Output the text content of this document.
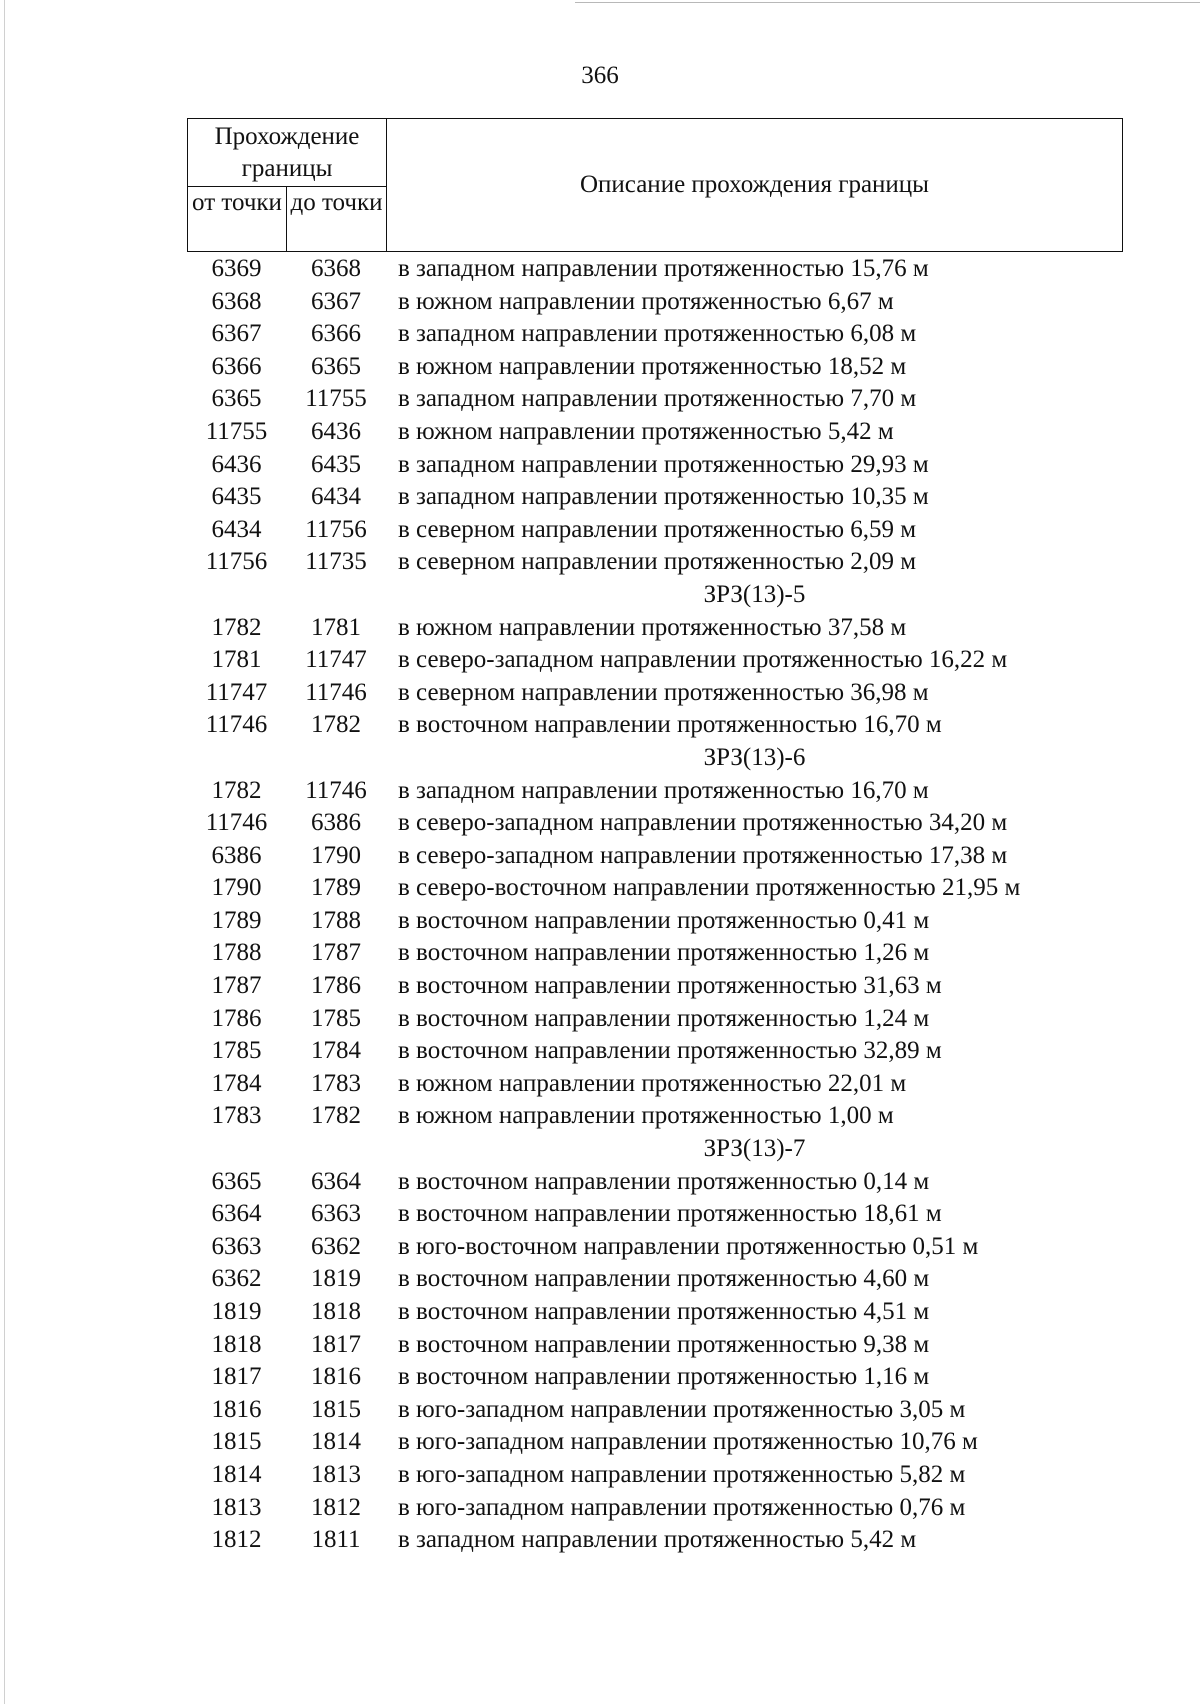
366
Прохождение границы
от точки до точки
Описание прохождения границы
6369	6368	в западном направлении протяженностью 15,76 м
6368	6367	в южном направлении протяженностью 6,67 м
6367	6366	в западном направлении протяженностью 6,08 м
6366	6365	в южном направлении протяженностью 18,52 м
6365	11755	в западном направлении протяженностью 7,70 м
11755	6436	в южном направлении протяженностью 5,42 м
6436	6435	в западном направлении протяженностью 29,93 м
6435	6434	в западном направлении протяженностью 10,35 м
6434	11756	в северном направлении протяженностью 6,59 м
11756	11735	в северном направлении протяженностью 2,09 м
ЗРЗ(13)-5
1782	1781	в южном направлении протяженностью 37,58 м
1781	11747	в северо-западном направлении протяженностью 16,22 м
11747	11746	в северном направлении протяженностью 36,98 м
11746	1782	в восточном направлении протяженностью 16,70 м
ЗРЗ(13)-6
1782	11746	в западном направлении протяженностью 16,70 м
11746	6386	в северо-западном направлении протяженностью 34,20 м
6386	1790	в северо-западном направлении протяженностью 17,38 м
1790	1789	в северо-восточном направлении протяженностью 21,95 м
1789	1788	в восточном направлении протяженностью 0,41 м
1788	1787	в восточном направлении протяженностью 1,26 м
1787	1786	в восточном направлении протяженностью 31,63 м
1786	1785	в восточном направлении протяженностью 1,24 м
1785	1784	в восточном направлении протяженностью 32,89 м
1784	1783	в южном направлении протяженностью 22,01 м
1783	1782	в южном направлении протяженностью 1,00 м
ЗРЗ(13)-7
6365	6364	в восточном направлении протяженностью 0,14 м
6364	6363	в восточном направлении протяженностью 18,61 м
6363	6362	в юго-восточном направлении протяженностью 0,51 м
6362	1819	в восточном направлении протяженностью 4,60 м
1819	1818	в восточном направлении протяженностью 4,51 м
1818	1817	в восточном направлении протяженностью 9,38 м
1817	1816	в восточном направлении протяженностью 1,16 м
1816	1815	в юго-западном направлении протяженностью 3,05 м
1815	1814	в юго-западном направлении протяженностью 10,76 м
1814	1813	в юго-западном направлении протяженностью 5,82 м
1813	1812	в юго-западном направлении протяженностью 0,76 м
1812	1811	в западном направлении протяженностью 5,42 м
